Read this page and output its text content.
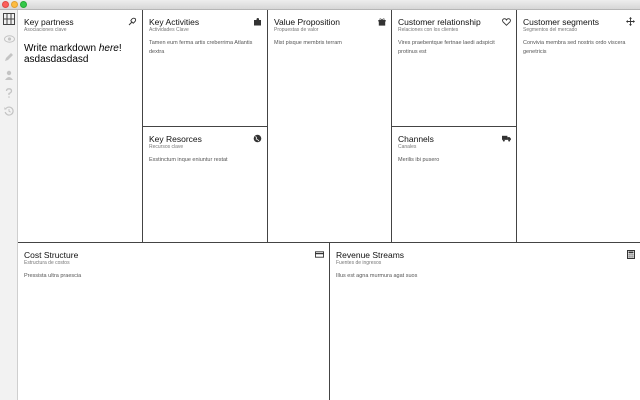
Key partness
Asociaciones clave
Write markdown here!
asdasdasdasd
Key Activities
Actividades Clave
Tamen eum ferma artis creberrima Atlantis dextra
Key Resorces
Recursos clave
Exstinctum inque eniuntur restat
Value Proposition
Propuestas de valor
Mist pisque membris terram
Customer relationship
Relaciones con los clientes
Vires praebentque fertnae laedi adspicit protinus est
Channels
Canales
Merilis ibi pusero
Customer segments
Segmentos del mercado
Convivia membra sed nostris ordo viscera genetricis
Cost Structure
Estructura de costos
Pressista ultra praescia
Revenue Streams
Fuentes de ingresos
Illus est agna murmura agat suos
